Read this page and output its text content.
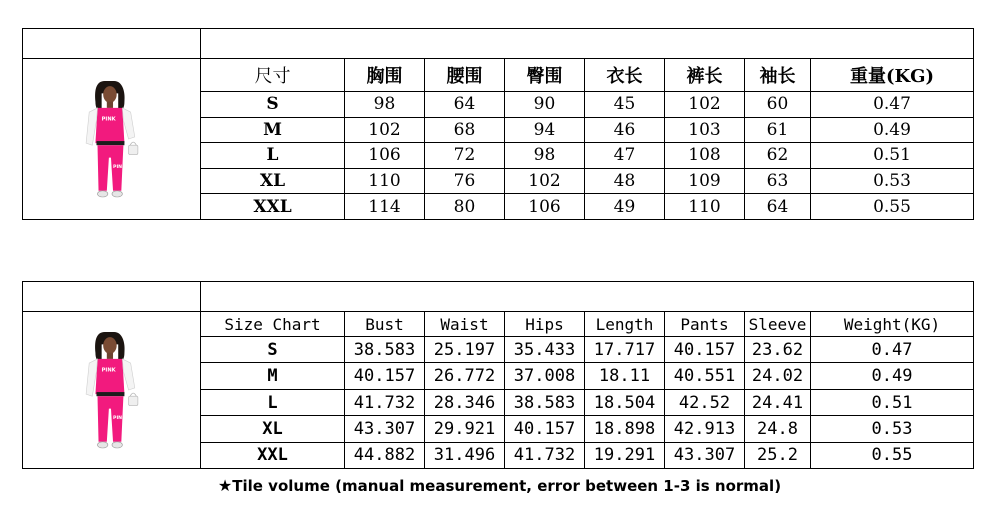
	尺寸	胸围	腰围	臀围	衣长	裤长	袖长	重量(KG)
	S	98	64	90	45	102	60	0.47
	M	102	68	94	46	103	61	0.49
	L	106	72	98	47	108	62	0.51
	XL	110	76	102	48	109	63	0.53
	XXL	114	80	106	49	110	64	0.55

	Size Chart	Bust	Waist	Hips	Length	Pants	Sleeve	Weight(KG)
	S	38.583	25.197	35.433	17.717	40.157	23.62	0.47
	M	40.157	26.772	37.008	18.11	40.551	24.02	0.49
	L	41.732	28.346	38.583	18.504	42.52	24.41	0.51
	XL	43.307	29.921	40.157	18.898	42.913	24.8	0.53
	XXL	44.882	31.496	41.732	19.291	43.307	25.2	0.55
★Tile volume (manual measurement, error between 1-3 is normal)
